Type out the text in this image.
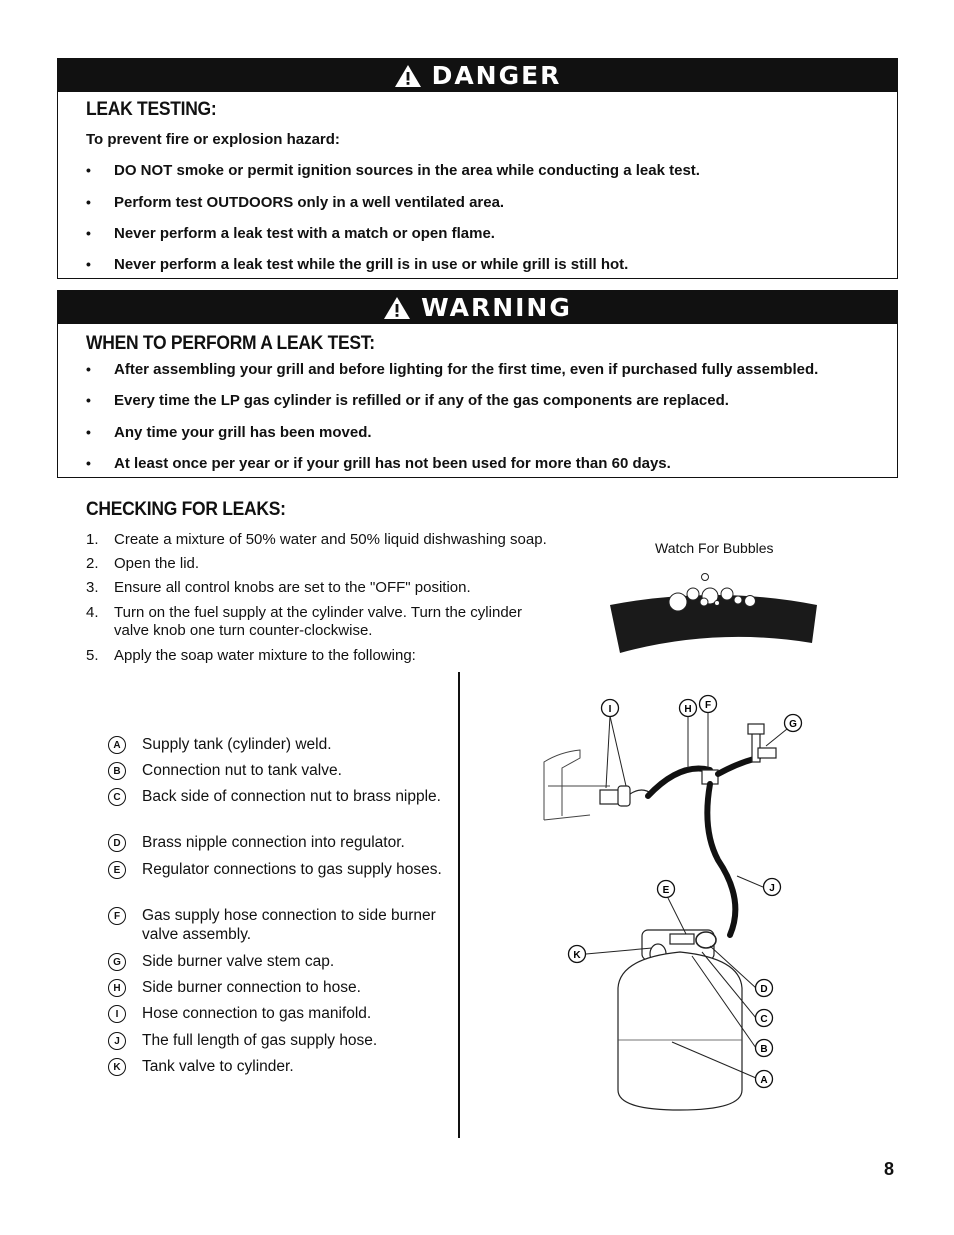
DANGER
LEAK TESTING:
To prevent fire or explosion hazard:
•	DO NOT smoke or permit ignition sources in the area while conducting a leak test.
•	Perform test OUTDOORS only in a well ventilated area.
•	Never perform a leak test with a match or open flame.
•	Never perform a leak test while the grill is in use or while grill is still hot.
WARNING
WHEN TO PERFORM A LEAK TEST:
•	After assembling your grill and before lighting for the first time, even if purchased fully assembled.
•	Every time the LP gas cylinder is refilled or if any of the gas components are replaced.
•	Any time your grill has been moved.
•	At least once per year or if your grill has not been used for more than 60 days.
CHECKING FOR LEAKS:
1.	Create a mixture of 50% water and 50% liquid dishwashing soap.
2.	Open the lid.
3.	Ensure all control knobs are set to the "OFF" position.
4.	Turn on the fuel supply at the cylinder valve. Turn the cylinder valve knob one turn counter-clockwise.
5.	Apply the soap water mixture to the following:
Watch For Bubbles
A	Supply tank (cylinder) weld.
B	Connection nut to tank valve.
C	Back side of connection nut to brass nipple.
D	Brass nipple connection into regulator.
E	Regulator connections to gas supply hoses.
F	Gas supply hose connection to side burner valve assembly.
G	Side burner valve stem cap.
H	Side burner connection to hose.
I	Hose connection to gas manifold.
J	The full length of gas supply hose.
K	Tank valve to cylinder.
I	H F
G
E	J
K
D
C
B
A
8
